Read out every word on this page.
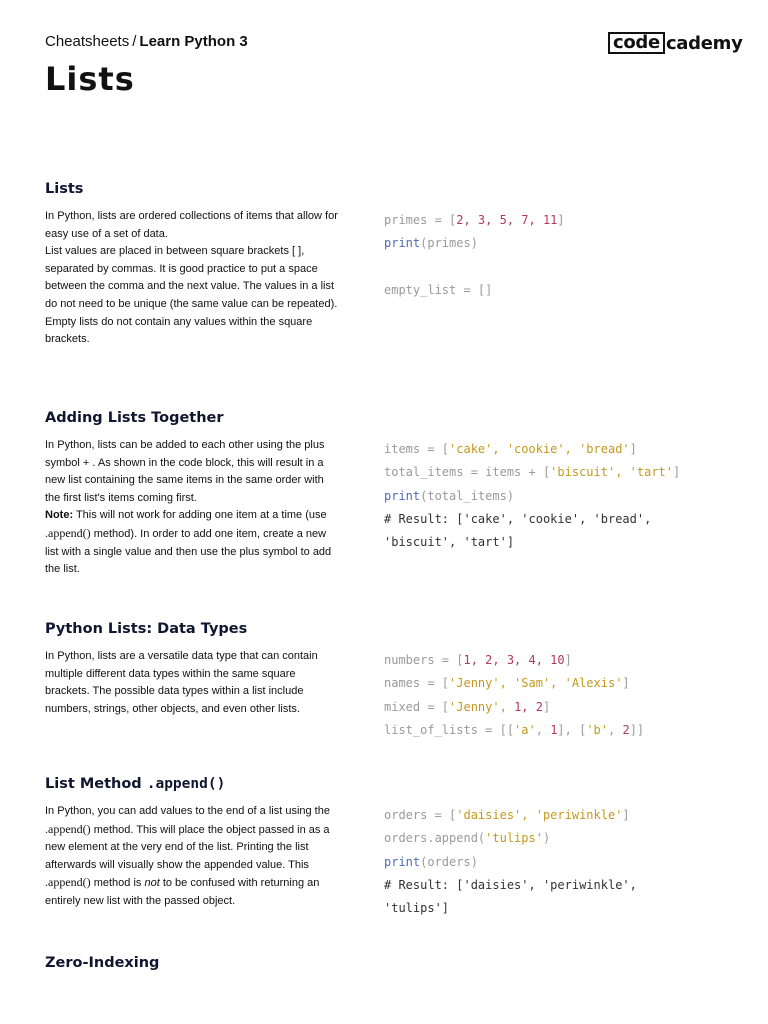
Cheatsheets / Learn Python 3	code cademy
Lists
Lists
In Python, lists are ordered collections of items that allow for easy use of a set of data.
List values are placed in between square brackets [ ], separated by commas. It is good practice to put a space between the comma and the next value. The values in a list do not need to be unique (the same value can be repeated).
Empty lists do not contain any values within the square brackets.
primes = [2, 3, 5, 7, 11]
print(primes)
empty_list = []
Adding Lists Together
In Python, lists can be added to each other using the plus symbol + . As shown in the code block, this will result in a new list containing the same items in the same order with the first list's items coming first.
Note: This will not work for adding one item at a time (use .append() method). In order to add one item, create a new list with a single value and then use the plus symbol to add the list.
items = ['cake', 'cookie', 'bread']
total_items = items + ['biscuit', 'tart']
print(total_items)
# Result: ['cake', 'cookie', 'bread',
'biscuit', 'tart']
Python Lists: Data Types
In Python, lists are a versatile data type that can contain multiple different data types within the same square brackets. The possible data types within a list include numbers, strings, other objects, and even other lists.
numbers = [1, 2, 3, 4, 10]
names = ['Jenny', 'Sam', 'Alexis']
mixed = ['Jenny', 1, 2]
list_of_lists = [['a', 1], ['b', 2]]
List Method .append()
In Python, you can add values to the end of a list using the .append() method. This will place the object passed in as a new element at the very end of the list. Printing the list afterwards will visually show the appended value. This .append() method is not to be confused with returning an entirely new list with the passed object.
orders = ['daisies', 'periwinkle']
orders.append('tulips')
print(orders)
# Result: ['daisies', 'periwinkle',
'tulips']
Zero-Indexing
